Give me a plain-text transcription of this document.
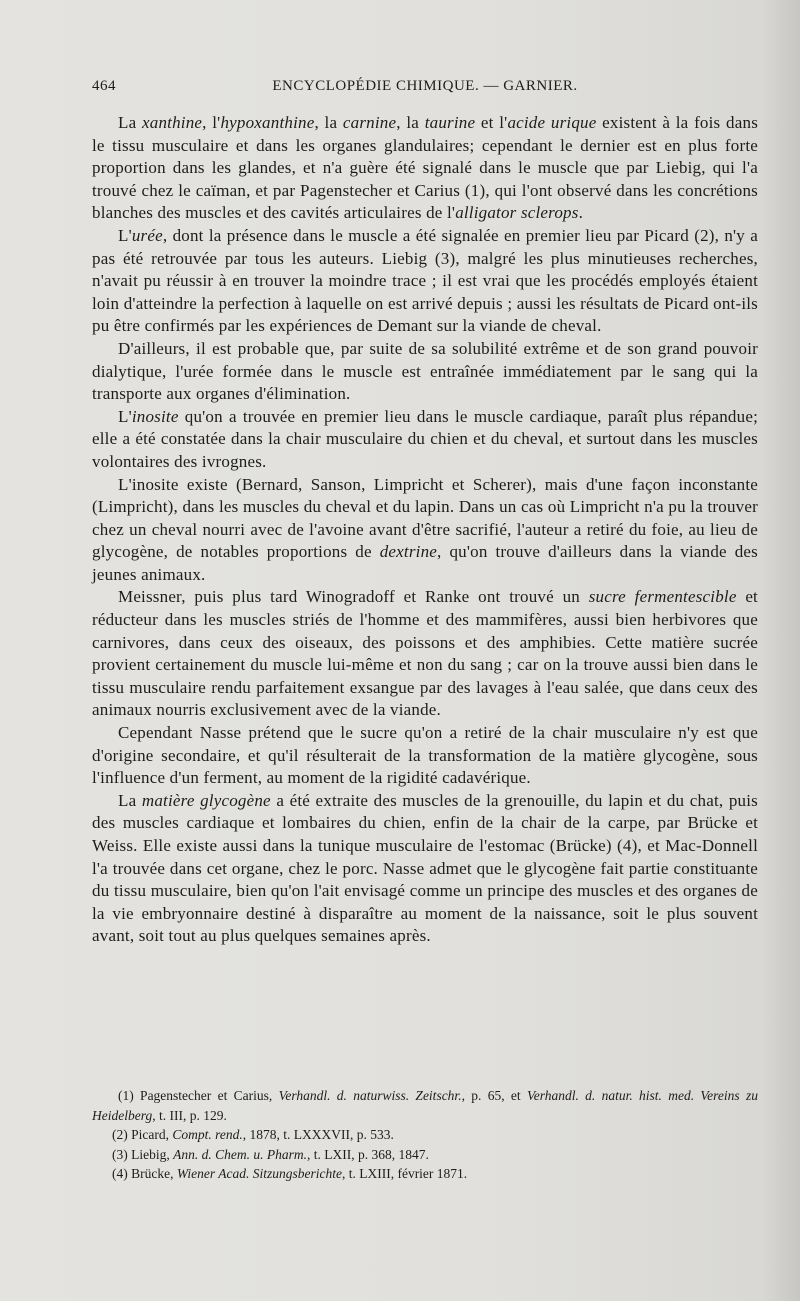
464	ENCYCLOPÉDIE CHIMIQUE. — GARNIER.

La xanthine, l'hypoxanthine, la carnine, la taurine et l'acide urique existent à la fois dans le tissu musculaire et dans les organes glandulaires; cependant le dernier est en plus forte proportion dans les glandes, et n'a guère été signalé dans le muscle que par Liebig, qui l'a trouvé chez le caïman, et par Pagenstecher et Carius (1), qui l'ont observé dans les concrétions blanches des muscles et des cavités articulaires de l'alligator sclerops.

L'urée, dont la présence dans le muscle a été signalée en premier lieu par Picard (2), n'y a pas été retrouvée par tous les auteurs. Liebig (3), malgré les plus minutieuses recherches, n'avait pu réussir à en trouver la moindre trace ; il est vrai que les procédés employés étaient loin d'atteindre la perfection à laquelle on est arrivé depuis ; aussi les résultats de Picard ont-ils pu être confirmés par les expériences de Demant sur la viande de cheval.

D'ailleurs, il est probable que, par suite de sa solubilité extrême et de son grand pouvoir dialytique, l'urée formée dans le muscle est entraînée immédiatement par le sang qui la transporte aux organes d'élimination.

L'inosite qu'on a trouvée en premier lieu dans le muscle cardiaque, paraît plus répandue; elle a été constatée dans la chair musculaire du chien et du cheval, et surtout dans les muscles volontaires des ivrognes.

L'inosite existe (Bernard, Sanson, Limpricht et Scherer), mais d'une façon inconstante (Limpricht), dans les muscles du cheval et du lapin. Dans un cas où Limpricht n'a pu la trouver chez un cheval nourri avec de l'avoine avant d'être sacrifié, l'auteur a retiré du foie, au lieu de glycogène, de notables proportions de dextrine, qu'on trouve d'ailleurs dans la viande des jeunes animaux.

Meissner, puis plus tard Winogradoff et Ranke ont trouvé un sucre fermentescible et réducteur dans les muscles striés de l'homme et des mammifères, aussi bien herbivores que carnivores, dans ceux des oiseaux, des poissons et des amphibies. Cette matière sucrée provient certainement du muscle lui-même et non du sang ; car on la trouve aussi bien dans le tissu musculaire rendu parfaitement exsangue par des lavages à l'eau salée, que dans ceux des animaux nourris exclusivement avec de la viande.

Cependant Nasse prétend que le sucre qu'on a retiré de la chair musculaire n'y est que d'origine secondaire, et qu'il résulterait de la transformation de la matière glycogène, sous l'influence d'un ferment, au moment de la rigidité cadavérique.

La matière glycogène a été extraite des muscles de la grenouille, du lapin et du chat, puis des muscles cardiaque et lombaires du chien, enfin de la chair de la carpe, par Brücke et Weiss. Elle existe aussi dans la tunique musculaire de l'estomac (Brücke) (4), et Mac-Donnell l'a trouvée dans cet organe, chez le porc. Nasse admet que le glycogène fait partie constituante du tissu musculaire, bien qu'on l'ait envisagé comme un principe des muscles et des organes de la vie embryonnaire destiné à disparaître au moment de la naissance, soit le plus souvent avant, soit tout au plus quelques semaines après.

(1) Pagenstecher et Carius, Verhandl. d. naturwiss. Zeitschr., p. 65, et Verhandl. d. natur. hist. med. Vereins zu Heidelberg, t. III, p. 129.

(2) Picard, Compt. rend., 1878, t. LXXXVII, p. 533.

(3) Liebig, Ann. d. Chem. u. Pharm., t. LXII, p. 368, 1847.

(4) Brücke, Wiener Acad. Sitzungsberichte, t. LXIII, février 1871.
